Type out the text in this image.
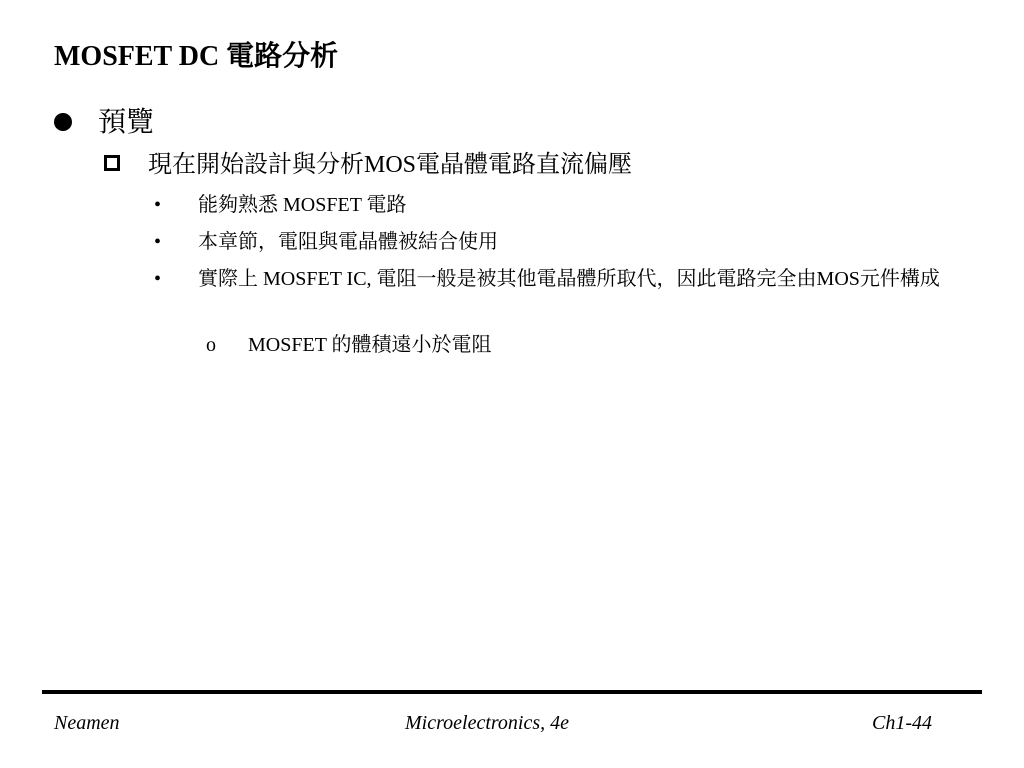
MOSFET DC 電路分析
預覽
現在開始設計與分析MOS電晶體電路直流偏壓
• 能夠熟悉 MOSFET 電路
• 本章節，電阻與電晶體被結合使用
• 實際上 MOSFET IC, 電阻一般是被其他電晶體所取代，因此電路完全由MOS元件構成
o MOSFET 的體積遠小於電阻
Neamen	Microelectronics, 4e	Ch1-44
